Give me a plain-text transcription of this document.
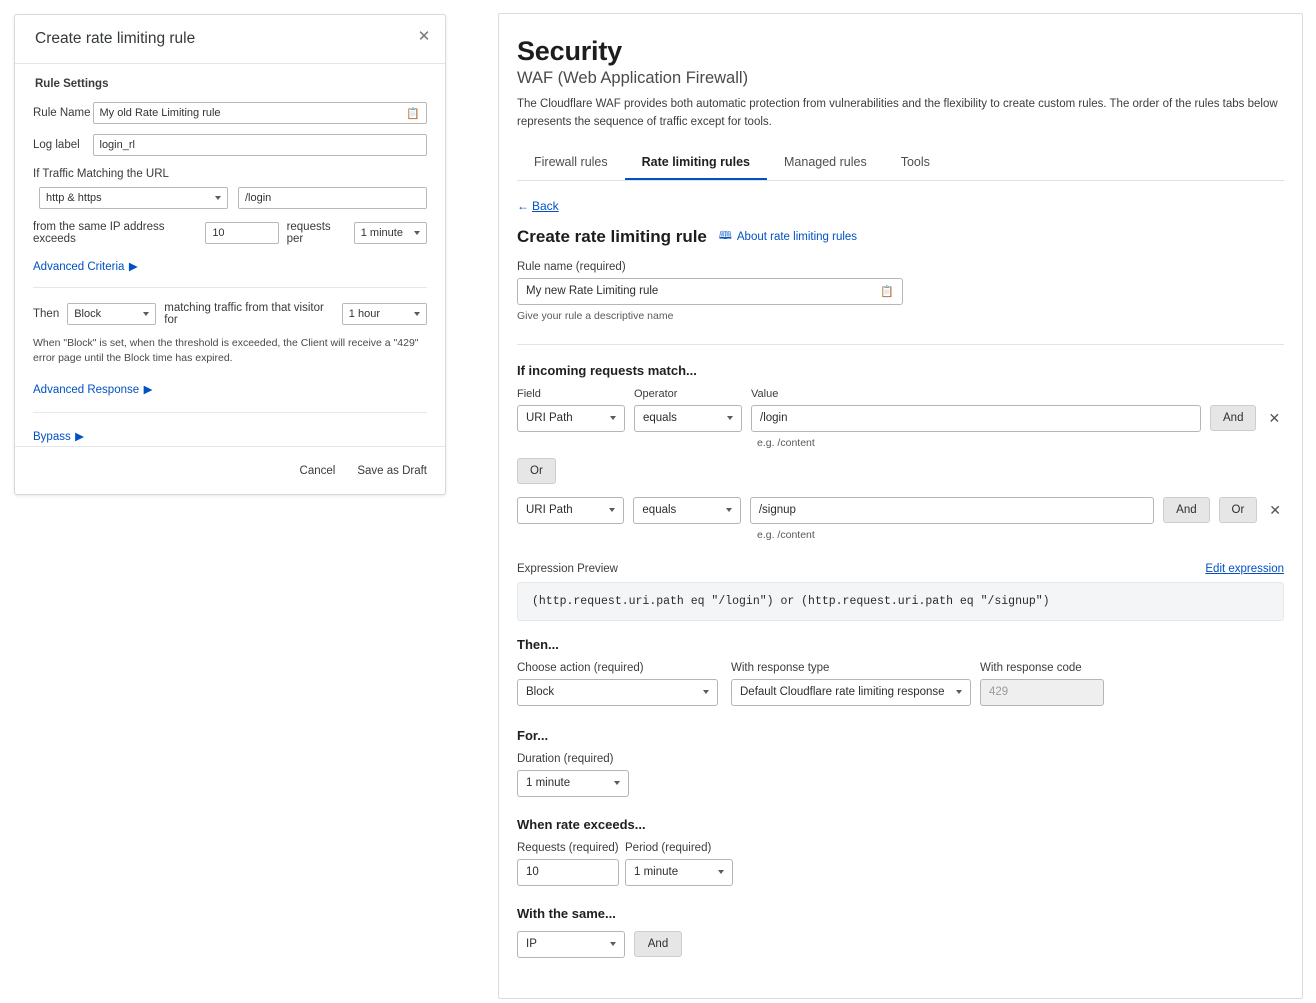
Create rate limiting rule	✕
Rule Settings
Rule Name My old Rate Limiting rule	📋
Log label	login_rl
If Traffic Matching the URL
http & https	/login
from the same IP address exceeds	10	requests per	1 minute
Advanced Criteria ▶
Then Block	matching traffic from that visitor for	1 hour
When "Block" is set, when the threshold is exceeded, the Client will receive a "429" error page until the Block time has expired.
Advanced Response ▶
Bypass ▶
Cancel Save as Draft
Security
WAF (Web Application Firewall)
The Cloudflare WAF provides both automatic protection from vulnerabilities and the flexibility to create custom rules. The order of the rules tabs below represents the sequence of traffic except for tools.
Firewall rules	Rate limiting rules	Managed rules	Tools
← Back
Create rate limiting rule 🕮 About rate limiting rules
Rule name (required)
My new Rate Limiting rule	📋
Give your rule a descriptive name
If incoming requests match...
Field	Operator	Value
URI Path	equals	/login	And	✕
e.g. /content
Or
URI Path	equals	/signup	And	Or	✕
e.g. /content
Expression Preview	Edit expression
(http.request.uri.path eq "/login") or (http.request.uri.path eq "/signup")
Then...
Choose action (required)
Block
With response type
Default Cloudflare rate limiting response
With response code
429
For...
Duration (required)
1 minute
When rate exceeds...
Requests (required)
10
Period (required)
1 minute
With the same...
IP	And
